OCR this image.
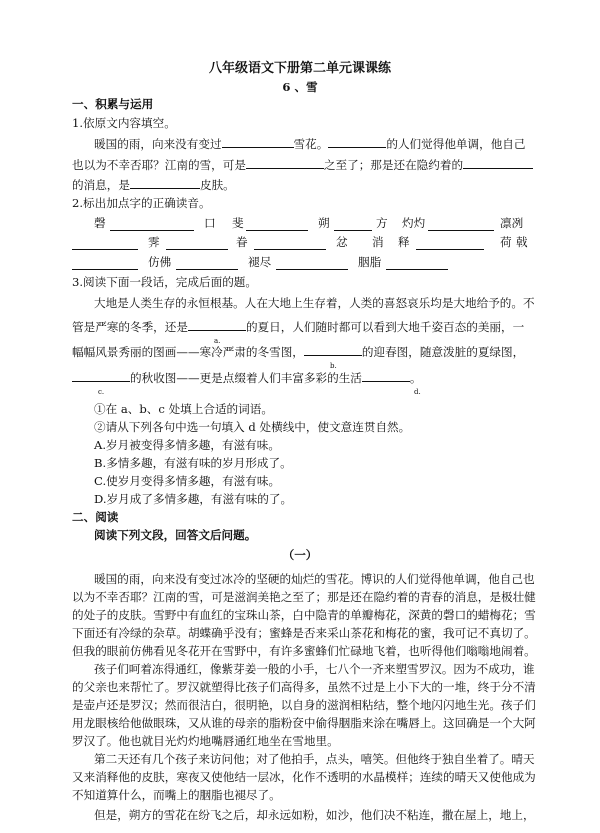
八年级语文下册第二单元课课练
6 、雪
一、积累与运用
1.依原文内容填空。
暖国的雨，向来没有变过	雪花。	的人们觉得他单调，他自己
也以为不幸否耶？江南的雪，可是	之至了；那是还在隐约着的
的消息，是	皮肤。
2.标出加点字的正确读音。
磬	口 斐	朔	方 灼灼	凛冽
霁	眷	忿 消 释	荷 戟
仿佛	褪尽	胭脂
3.阅读下面一段话，完成后面的题。
大地是人类生存的永恒根基。人在大地上生存着，人类的喜怒哀乐均是大地给予的。不
管是严寒的冬季，还是	的夏日，人们随时都可以看到大地千姿百态的美丽，一
a.
幅幅风景秀丽的图画——寒冷严肃的冬雪图，	的迎春图，随意泼脏的夏绿图，
b.
的秋收图——更是点缀着人们丰富多彩的生活	。
c.	d.
①在 a、b、c 处填上合适的词语。
②请从下列各句中选一句填入 d 处横线中，使文意连贯自然。
A.岁月被变得多情多趣，有滋有味。
B.多情多趣，有滋有味的岁月形成了。
C.使岁月变得多情多趣，有滋有味。
D.岁月成了多情多趣，有滋有味的了。
二、阅读
阅读下列文段，回答文后问题。
（一）
暖国的雨，向来没有变过冰冷的坚硬的灿烂的雪花。博识的人们觉得他单调，他自己也
以为不幸否耶？江南的雪，可是滋润美艳之至了；那是还在隐约着的青春的消息，是极壮健
的处子的皮肤。雪野中有血红的宝珠山茶，白中隐青的单瓣梅花，深黄的磬口的蜡梅花；雪
下面还有冷绿的杂草。胡蝶确乎没有；蜜蜂是否来采山茶花和梅花的蜜，我可记不真切了。
但我的眼前仿佛看见冬花开在雪野中，有许多蜜蜂们忙碌地飞着，也听得他们嗡嗡地闹着。
孩子们呵着冻得通红，像紫芽姜一般的小手，七八个一齐来塑雪罗汉。因为不成功，谁
的父亲也来帮忙了。罗汉就塑得比孩子们高得多，虽然不过是上小下大的一堆，终于分不清
是壶卢还是罗汉；然而很洁白，很明艳，以自身的滋润相粘结，整个地闪闪地生光。孩子们
用龙眼核给他做眼珠，又从谁的母亲的脂粉奁中偷得胭脂来涂在嘴唇上。这回确是一个大阿
罗汉了。他也就目光灼灼地嘴唇通红地坐在雪地里。
第二天还有几个孩子来访问他；对了他拍手，点头，嘻笑。但他终于独自坐着了。晴天
又来消释他的皮肤，寒夜又使他结一层冰，化作不透明的水晶模样；连续的晴天又使他成为
不知道算什么，而嘴上的胭脂也褪尽了。
但是，朔方的雪花在纷飞之后，却永远如粉，如沙，他们决不粘连，撒在屋上，地上，
